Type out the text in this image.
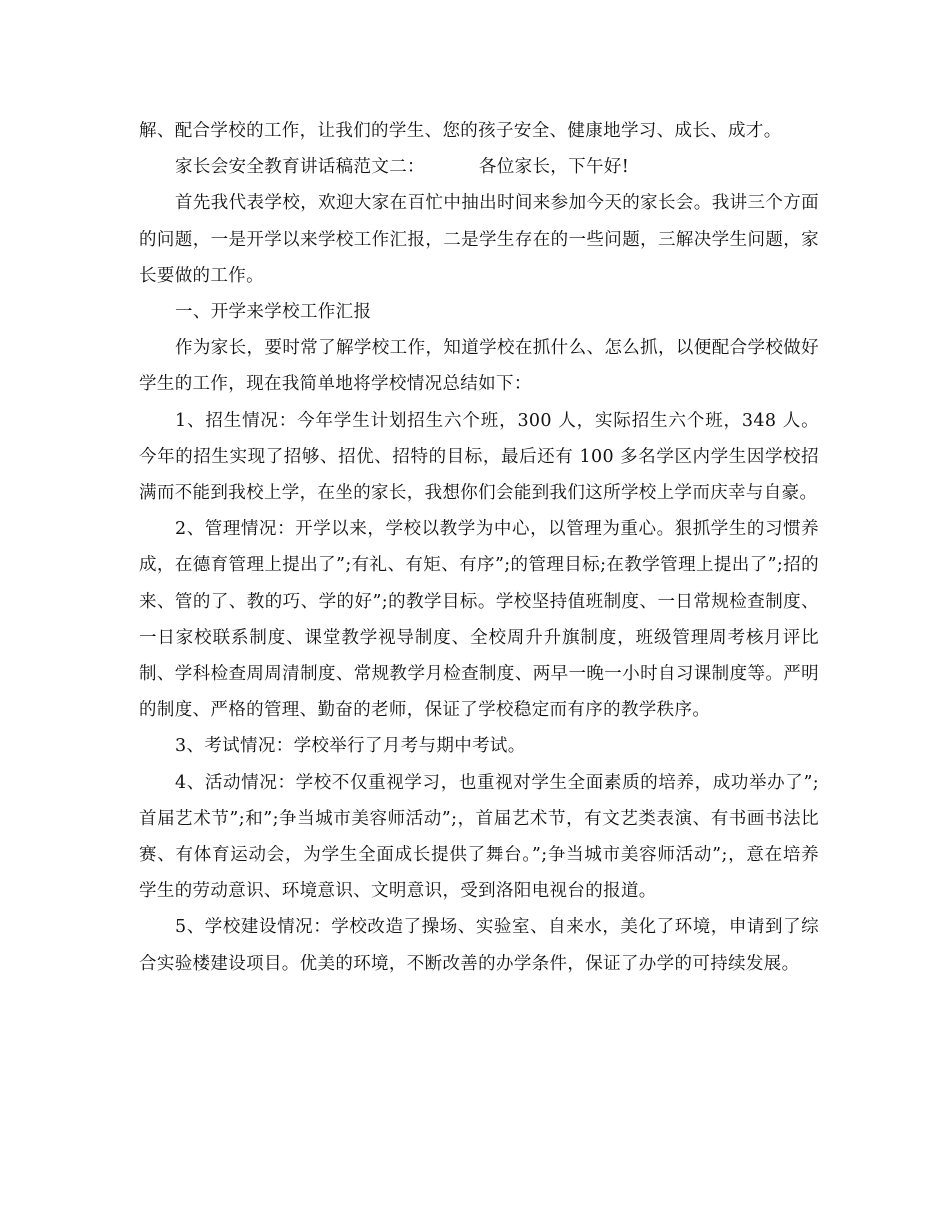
解、配合学校的工作，让我们的学生、您的孩子安全、健康地学习、成长、成才。

家长会安全教育讲话稿范文二：	各位家长，下午好!

首先我代表学校，欢迎大家在百忙中抽出时间来参加今天的家长会。我讲三个方面的问题，一是开学以来学校工作汇报，二是学生存在的一些问题，三解决学生问题，家长要做的工作。

一、开学来学校工作汇报

作为家长，要时常了解学校工作，知道学校在抓什么、怎么抓，以便配合学校做好学生的工作，现在我简单地将学校情况总结如下：

1、招生情况：今年学生计划招生六个班，300 人，实际招生六个班，348 人。今年的招生实现了招够、招优、招特的目标，最后还有 100 多名学区内学生因学校招满而不能到我校上学，在坐的家长，我想你们会能到我们这所学校上学而庆幸与自豪。

2、管理情况：开学以来，学校以教学为中心，以管理为重心。狠抓学生的习惯养成，在德育管理上提出了”;有礼、有矩、有序”;的管理目标;在教学管理上提出了”;招的来、管的了、教的巧、学的好”;的教学目标。学校坚持值班制度、一日常规检查制度、一日家校联系制度、课堂教学视导制度、全校周升升旗制度，班级管理周考核月评比制、学科检查周周清制度、常规教学月检查制度、两早一晚一小时自习课制度等。严明的制度、严格的管理、勤奋的老师，保证了学校稳定而有序的教学秩序。

3、考试情况：学校举行了月考与期中考试。

4、活动情况：学校不仅重视学习，也重视对学生全面素质的培养，成功举办了”;首届艺术节”;和”;争当城市美容师活动”;，首届艺术节，有文艺类表演、有书画书法比赛、有体育运动会，为学生全面成长提供了舞台。”;争当城市美容师活动”;，意在培养学生的劳动意识、环境意识、文明意识，受到洛阳电视台的报道。

5、学校建设情况：学校改造了操场、实验室、自来水，美化了环境，申请到了综合实验楼建设项目。优美的环境，不断改善的办学条件，保证了办学的可持续发展。
